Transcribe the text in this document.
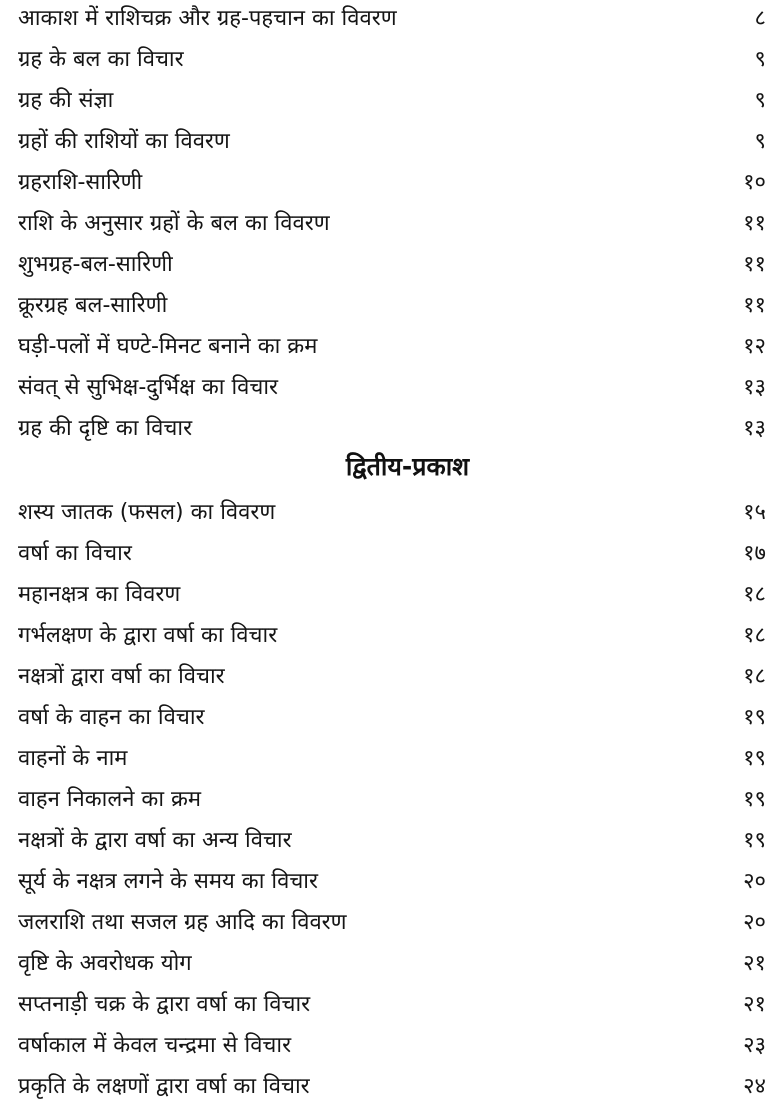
आकाश में राशिचक्र और ग्रह-पहचान का विवरण	८
ग्रह के बल का विचार	९
ग्रह की संज्ञा	९
ग्रहों की राशियों का विवरण	९
ग्रहराशि-सारिणी	१०
राशि के अनुसार ग्रहों के बल का विवरण	११
शुभग्रह-बल-सारिणी	११
क्रूरग्रह बल-सारिणी	११
घड़ी-पलों में घण्टे-मिनट बनाने का क्रम	१२
संवत् से सुभिक्ष-दुर्भिक्ष का विचार	१३
ग्रह की दृष्टि का विचार	१३
द्वितीय-प्रकाश
शस्य जातक (फसल) का विवरण	१५
वर्षा का विचार	१७
महानक्षत्र का विवरण	१८
गर्भलक्षण के द्वारा वर्षा का विचार	१८
नक्षत्रों द्वारा वर्षा का विचार	१८
वर्षा के वाहन का विचार	१९
वाहनों के नाम	१९
वाहन निकालने का क्रम	१९
नक्षत्रों के द्वारा वर्षा का अन्य विचार	१९
सूर्य के नक्षत्र लगने के समय का विचार	२०
जलराशि तथा सजल ग्रह आदि का विवरण	२०
वृष्टि के अवरोधक योग	२१
सप्तनाड़ी चक्र के द्वारा वर्षा का विचार	२१
वर्षाकाल में केवल चन्द्रमा से विचार	२३
प्रकृति के लक्षणों द्वारा वर्षा का विचार	२४
